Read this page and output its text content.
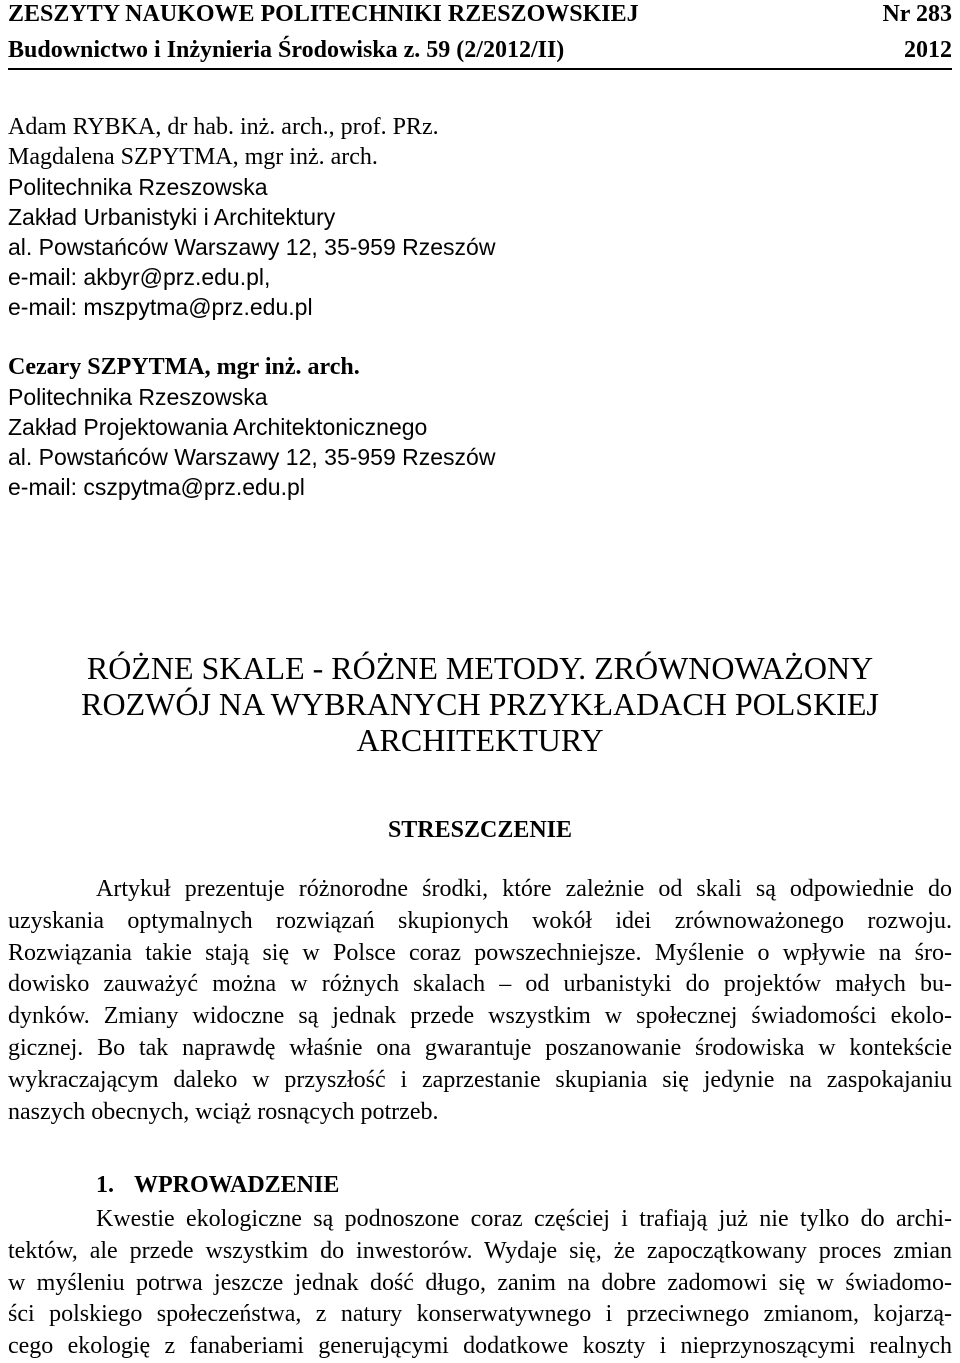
ZESZYTY NAUKOWE POLITECHNIKI RZESZOWSKIEJ	Nr 283
Budownictwo i Inżynieria Środowiska z. 59 (2/2012/II)	2012
Adam RYBKA, dr hab. inż. arch., prof. PRz.
Magdalena SZPYTMA, mgr inż. arch.
Politechnika Rzeszowska
Zakład Urbanistyki i Architektury
al. Powstańców Warszawy 12, 35-959 Rzeszów
e-mail: akbyr@prz.edu.pl,
e-mail: mszpytma@prz.edu.pl
Cezary SZPYTMA, mgr inż. arch.
Politechnika Rzeszowska
Zakład Projektowania Architektonicznego
al. Powstańców Warszawy 12, 35-959 Rzeszów
e-mail: cszpytma@prz.edu.pl
RÓŻNE SKALE - RÓŻNE METODY. ZRÓWNOWAŻONY
ROZWÓJ NA WYBRANYCH PRZYKŁADACH POLSKIEJ
ARCHITEKTURY
STRESZCZENIE
Artykuł prezentuje różnorodne środki, które zależnie od skali są odpowiednie do
uzyskania optymalnych rozwiązań skupionych wokół idei zrównoważonego rozwoju.
Rozwiązania takie stają się w Polsce coraz powszechniejsze. Myślenie o wpływie na śro-
dowisko zauważyć można w różnych skalach – od urbanistyki do projektów małych bu-
dynków. Zmiany widoczne są jednak przede wszystkim w społecznej świadomości ekolo-
gicznej. Bo tak naprawdę właśnie ona gwarantuje poszanowanie środowiska w kontekście
wykraczającym daleko w przyszłość i zaprzestanie skupiania się jedynie na zaspokajaniu
naszych obecnych, wciąż rosnących potrzeb.
1. WPROWADZENIE
Kwestie ekologiczne są podnoszone coraz częściej i trafiają już nie tylko do archi-
tektów, ale przede wszystkim do inwestorów. Wydaje się, że zapoczątkowany proces zmian
w myśleniu potrwa jeszcze jednak dość długo, zanim na dobre zadomowi się w świadomo-
ści polskiego społeczeństwa, z natury konserwatywnego i przeciwnego zmianom, kojarzą-
cego ekologię z fanaberiami generującymi dodatkowe koszty i nieprzynoszącymi realnych
